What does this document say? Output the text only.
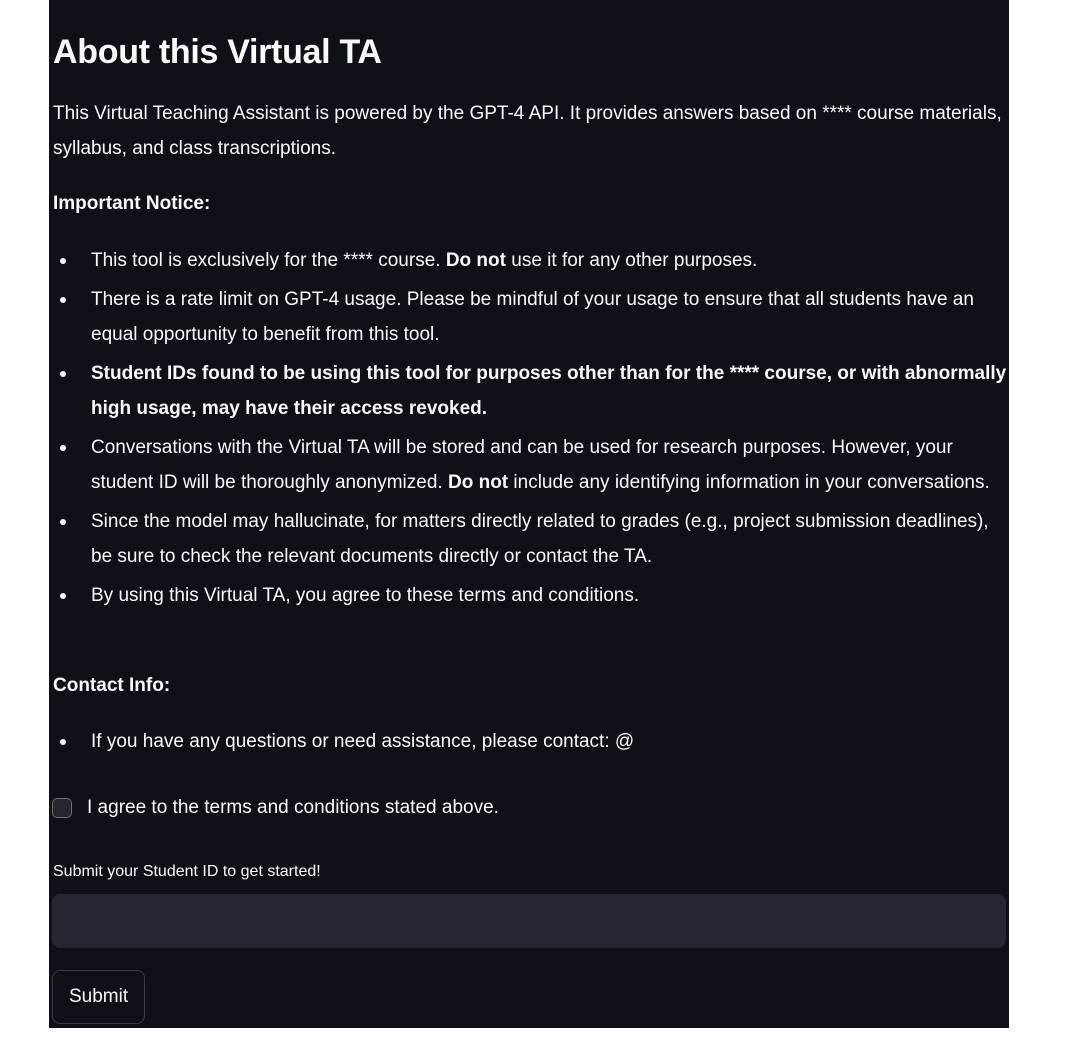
About this Virtual TA

This Virtual Teaching Assistant is powered by the GPT-4 API. It provides answers based on **** course materials, syllabus, and class transcriptions.

Important Notice:

This tool is exclusively for the **** course. Do not use it for any other purposes.
There is a rate limit on GPT-4 usage. Please be mindful of your usage to ensure that all students have an equal opportunity to benefit from this tool.
Student IDs found to be using this tool for purposes other than for the **** course, or with abnormally high usage, may have their access revoked.
Conversations with the Virtual TA will be stored and can be used for research purposes. However, your student ID will be thoroughly anonymized. Do not include any identifying information in your conversations.
Since the model may hallucinate, for matters directly related to grades (e.g., project submission deadlines), be sure to check the relevant documents directly or contact the TA.
By using this Virtual TA, you agree to these terms and conditions.

Contact Info:

If you have any questions or need assistance, please contact: @
I agree to the terms and conditions stated above.
Submit your Student ID to get started!
Submit
